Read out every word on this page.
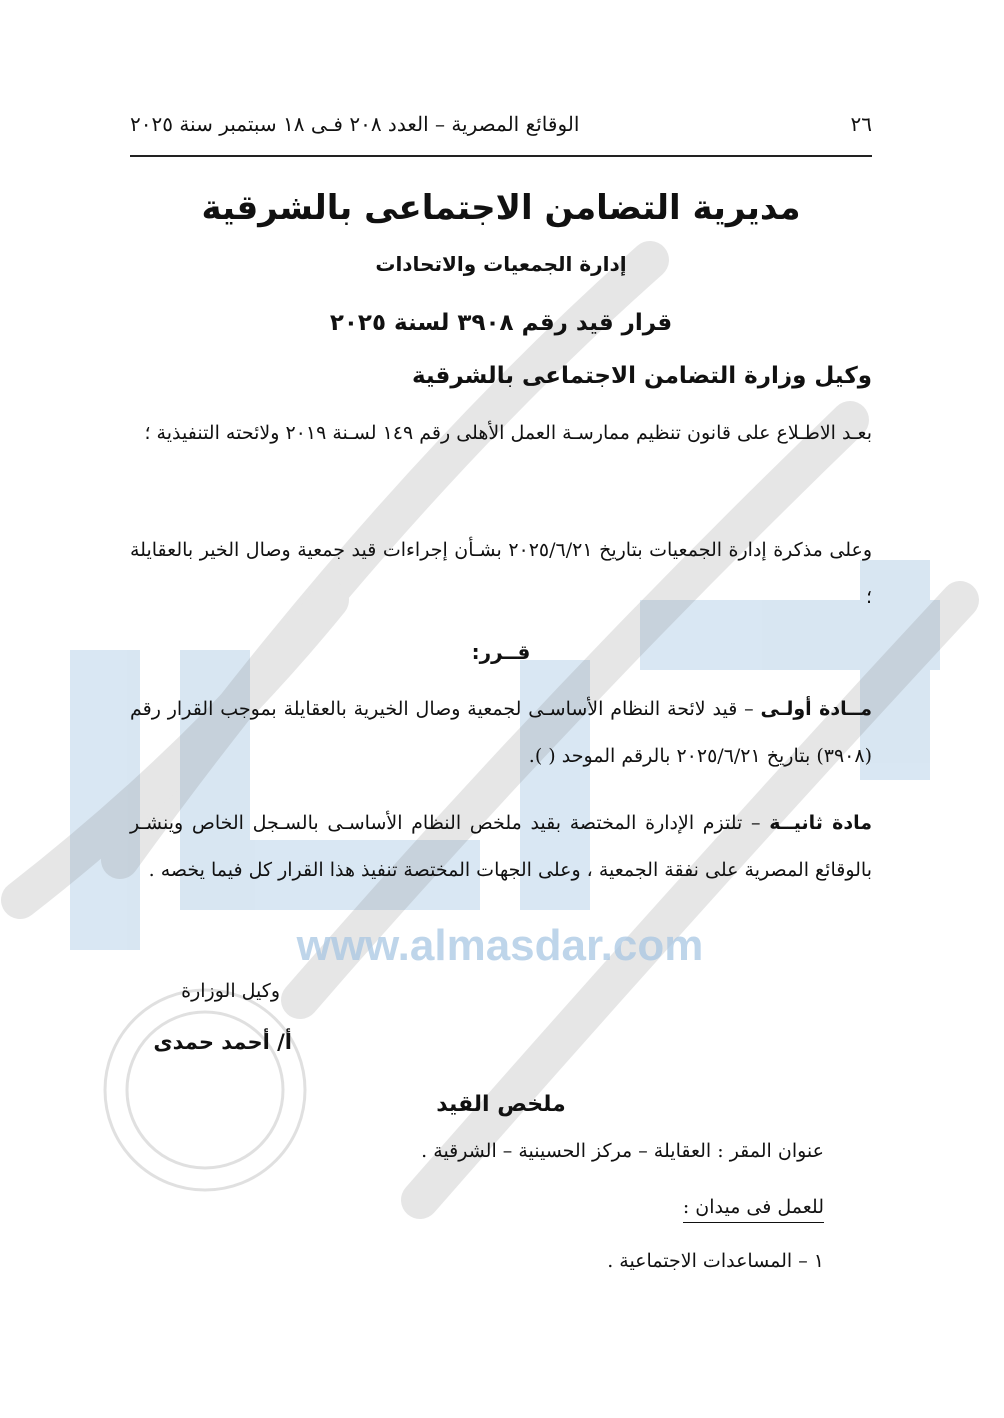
www.almasdar.com
٢٦
الوقائع المصرية – العدد ٢٠٨ فـى ١٨ سبتمبر سنة ٢٠٢٥
مديرية التضامن الاجتماعى بالشرقية
إدارة الجمعيات والاتحادات
قرار قيد رقم ٣٩٠٨ لسنة ٢٠٢٥
وكيل وزارة التضامن الاجتماعى بالشرقية
بعـد الاطـلاع على قانون تنظيم ممارسـة العمل الأهلى رقم ١٤٩ لسـنة ٢٠١٩ ولائحته التنفيذية ؛
وعلى مذكرة إدارة الجمعيات بتاريخ ٢٠٢٥/٦/٢١ بشـأن إجراءات قيد جمعية وصال الخير بالعقايلة ؛
قــرر:
مــادة أولـى – قيد لائحة النظام الأساسـى لجمعية وصال الخيرية بالعقايلة بموجب القرار رقم (٣٩٠٨) بتاريخ ٢٠٢٥/٦/٢١ بالرقم الموحد ( ).
مادة ثانيــة – تلتزم الإدارة المختصة بقيد ملخص النظام الأساسـى بالسـجل الخاص وينشـر بالوقائع المصرية على نفقة الجمعية ، وعلى الجهات المختصة تنفيذ هذا القرار كل فيما يخصه .
وكيل الوزارة
أ/ أحمد حمدى
ملخص القيد
عنوان المقر : العقايلة – مركز الحسينية – الشرقية .
للعمل فى ميدان :
١ – المساعدات الاجتماعية .
